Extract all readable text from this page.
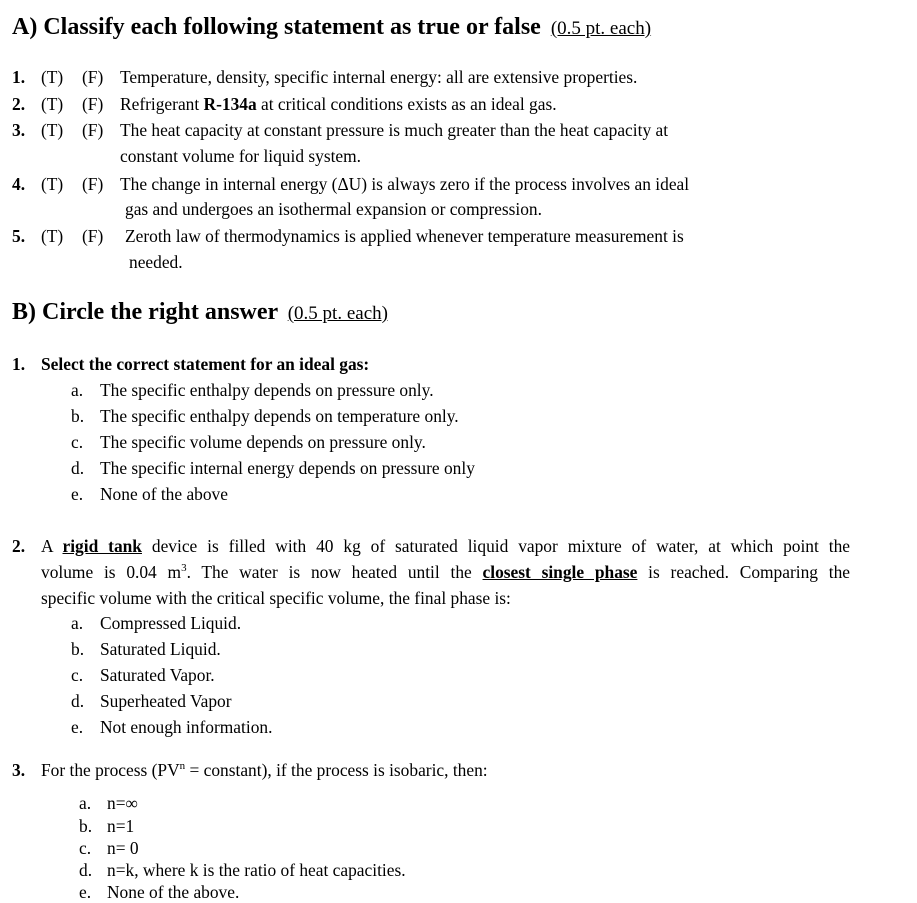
A) Classify each following statement as true or false (0.5 pt. each)
1. (T) (F) Temperature, density, specific internal energy: all are extensive properties.
2. (T) (F) Refrigerant R-134a at critical conditions exists as an ideal gas.
3. (T) (F) The heat capacity at constant pressure is much greater than the heat capacity at
constant volume for liquid system.
4. (T) (F) The change in internal energy (ΔU) is always zero if the process involves an ideal
gas and undergoes an isothermal expansion or compression.
5. (T) (F) Zeroth law of thermodynamics is applied whenever temperature measurement is
needed.
B) Circle the right answer (0.5 pt. each)
1. Select the correct statement for an ideal gas:
a. The specific enthalpy depends on pressure only.
b. The specific enthalpy depends on temperature only.
c. The specific volume depends on pressure only.
d. The specific internal energy depends on pressure only
e. None of the above
2. A rigid tank device is filled with 40 kg of saturated liquid vapor mixture of water, at which point the
volume is 0.04 $m^3$. The water is now heated until the closest single phase is reached. Comparing the
specific volume with the critical specific volume, the final phase is:
a. Compressed Liquid.
b. Saturated Liquid.
c. Saturated Vapor.
d. Superheated Vapor
e. Not enough information.
3. For the process ($PV^n$ = constant), if the process is isobaric, then:
a. n=∞
b. n=1
c. n= 0
d. n=k, where k is the ratio of heat capacities.
e. None of the above.
